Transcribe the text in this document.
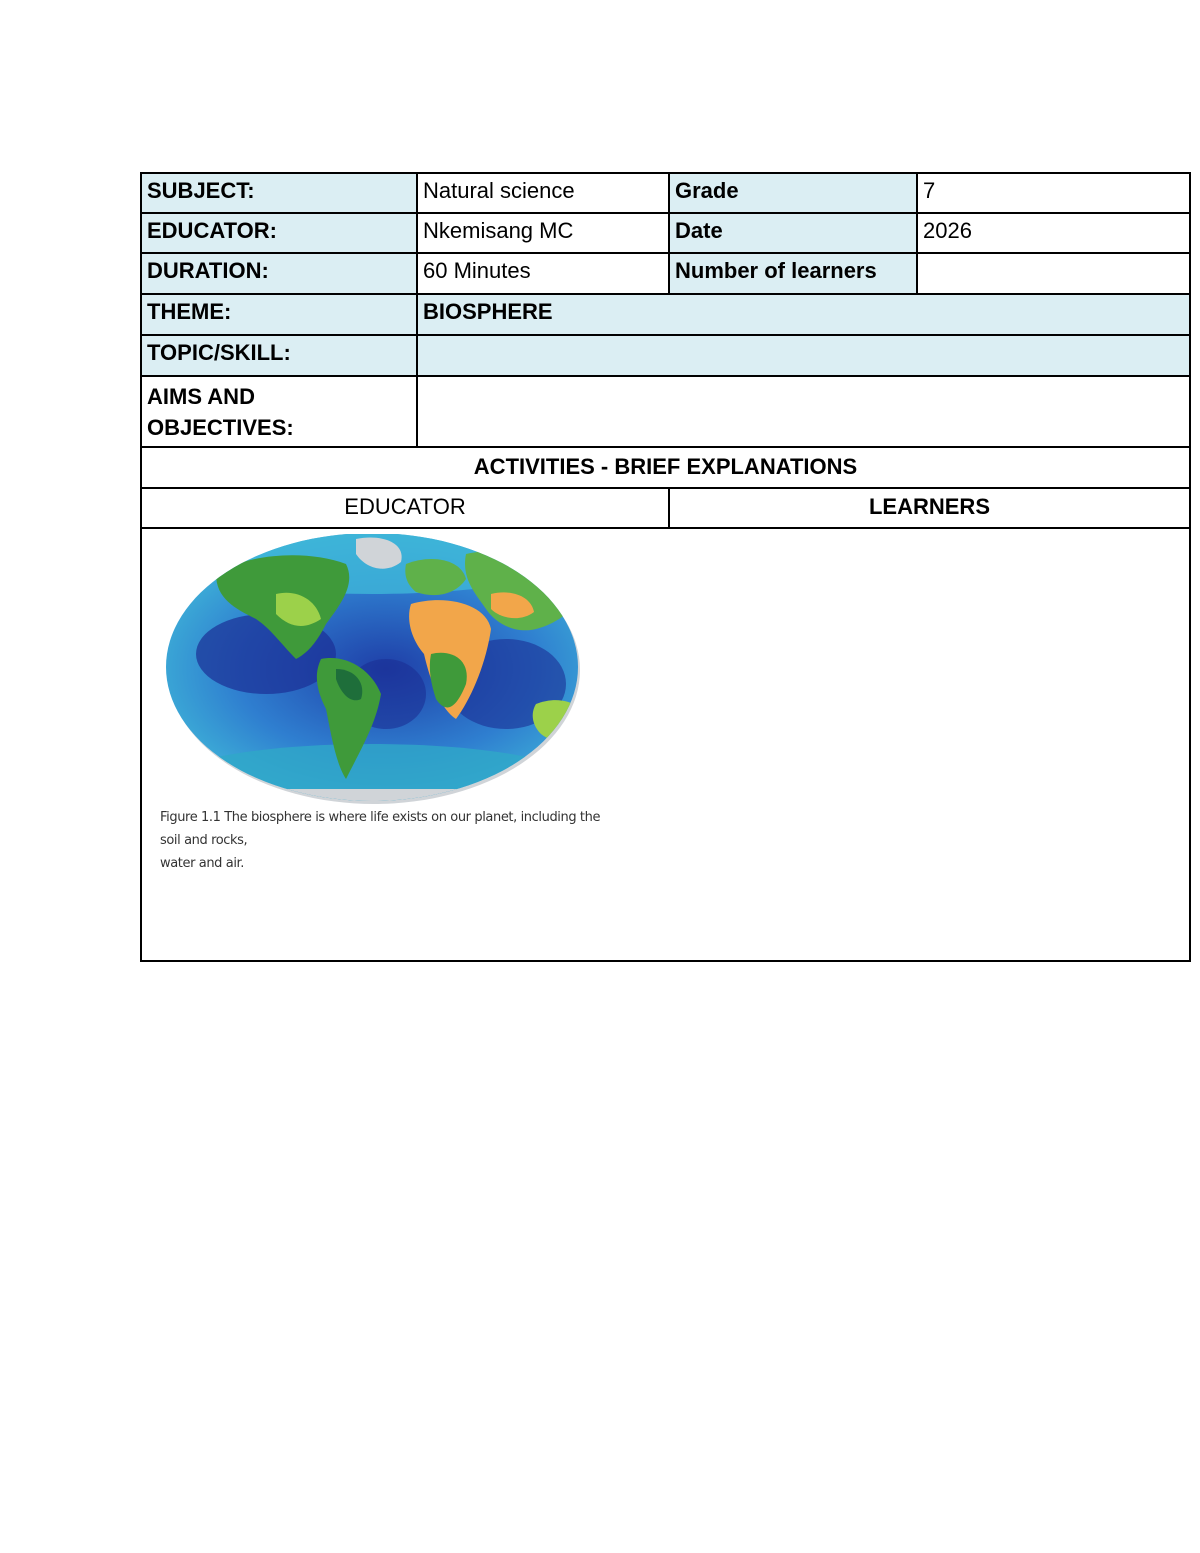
SUBJECT:	Natural science	Grade	7
EDUCATOR:	Nkemisang MC	Date	2026
DURATION:	60 Minutes	Number of learners
THEME:	BIOSPHERE
TOPIC/SKILL:
AIMS AND
OBJECTIVES:
ACTIVITIES - BRIEF EXPLANATIONS
EDUCATOR	LEARNERS
Figure 1.1 The biosphere is where life exists on our planet, including the soil and rocks,
water and air.
